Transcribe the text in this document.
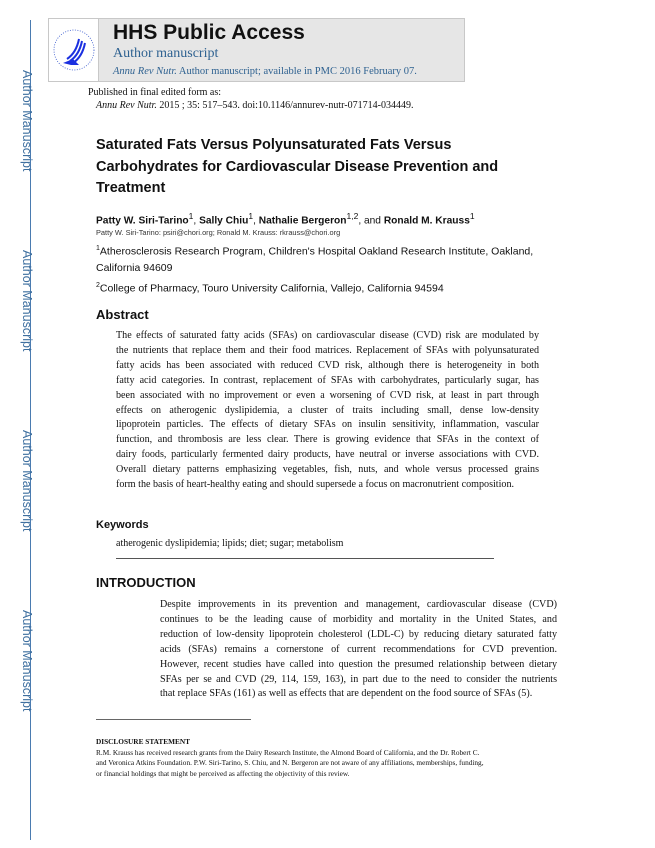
Author Manuscript
Author Manuscript
Author Manuscript
Author Manuscript
HHS Public Access
Author manuscript
Annu Rev Nutr. Author manuscript; available in PMC 2016 February 07.
Published in final edited form as:
Annu Rev Nutr. 2015 ; 35: 517–543. doi:10.1146/annurev-nutr-071714-034449.
Saturated Fats Versus Polyunsaturated Fats Versus
Carbohydrates for Cardiovascular Disease Prevention and
Treatment
Patty W. Siri-Tarino$^1$, Sally Chiu$^1$, Nathalie Bergeron$^{1,2}$, and Ronald M. Krauss$^1$
Patty W. Siri-Tarino: psiri@chori.org; Ronald M. Krauss: rkrauss@chori.org
$^1$Atherosclerosis Research Program, Children's Hospital Oakland Research Institute, Oakland,
California 94609
$^2$College of Pharmacy, Touro University California, Vallejo, California 94594
Abstract
The effects of saturated fatty acids (SFAs) on cardiovascular disease (CVD) risk are modulated by
the nutrients that replace them and their food matrices. Replacement of SFAs with polyunsaturated
fatty acids has been associated with reduced CVD risk, although there is heterogeneity in both
fatty acid categories. In contrast, replacement of SFAs with carbohydrates, particularly sugar, has
been associated with no improvement or even a worsening of CVD risk, at least in part through
effects on atherogenic dyslipidemia, a cluster of traits including small, dense low-density
lipoprotein particles. The effects of dietary SFAs on insulin sensitivity, inflammation, vascular
function, and thrombosis are less clear. There is growing evidence that SFAs in the context of
dairy foods, particularly fermented dairy products, have neutral or inverse associations with CVD.
Overall dietary patterns emphasizing vegetables, fish, nuts, and whole versus processed grains
form the basis of heart-healthy eating and should supersede a focus on macronutrient composition.
Keywords
atherogenic dyslipidemia; lipids; diet; sugar; metabolism
INTRODUCTION
Despite improvements in its prevention and management, cardiovascular disease (CVD)
continues to be the leading cause of morbidity and mortality in the United States, and
reduction of low-density lipoprotein cholesterol (LDL-C) by reducing dietary saturated fatty
acids (SFAs) remains a cornerstone of current recommendations for CVD prevention.
However, recent studies have called into question the presumed relationship between dietary
SFAs per se and CVD (29, 114, 159, 163), in part due to the need to consider the nutrients
that replace SFAs (161) as well as effects that are dependent on the food source of SFAs (5).
DISCLOSURE STATEMENT
R.M. Krauss has received research grants from the Dairy Research Institute, the Almond Board of California, and the Dr. Robert C.
and Veronica Atkins Foundation. P.W. Siri-Tarino, S. Chiu, and N. Bergeron are not aware of any affiliations, memberships, funding,
or financial holdings that might be perceived as affecting the objectivity of this review.
